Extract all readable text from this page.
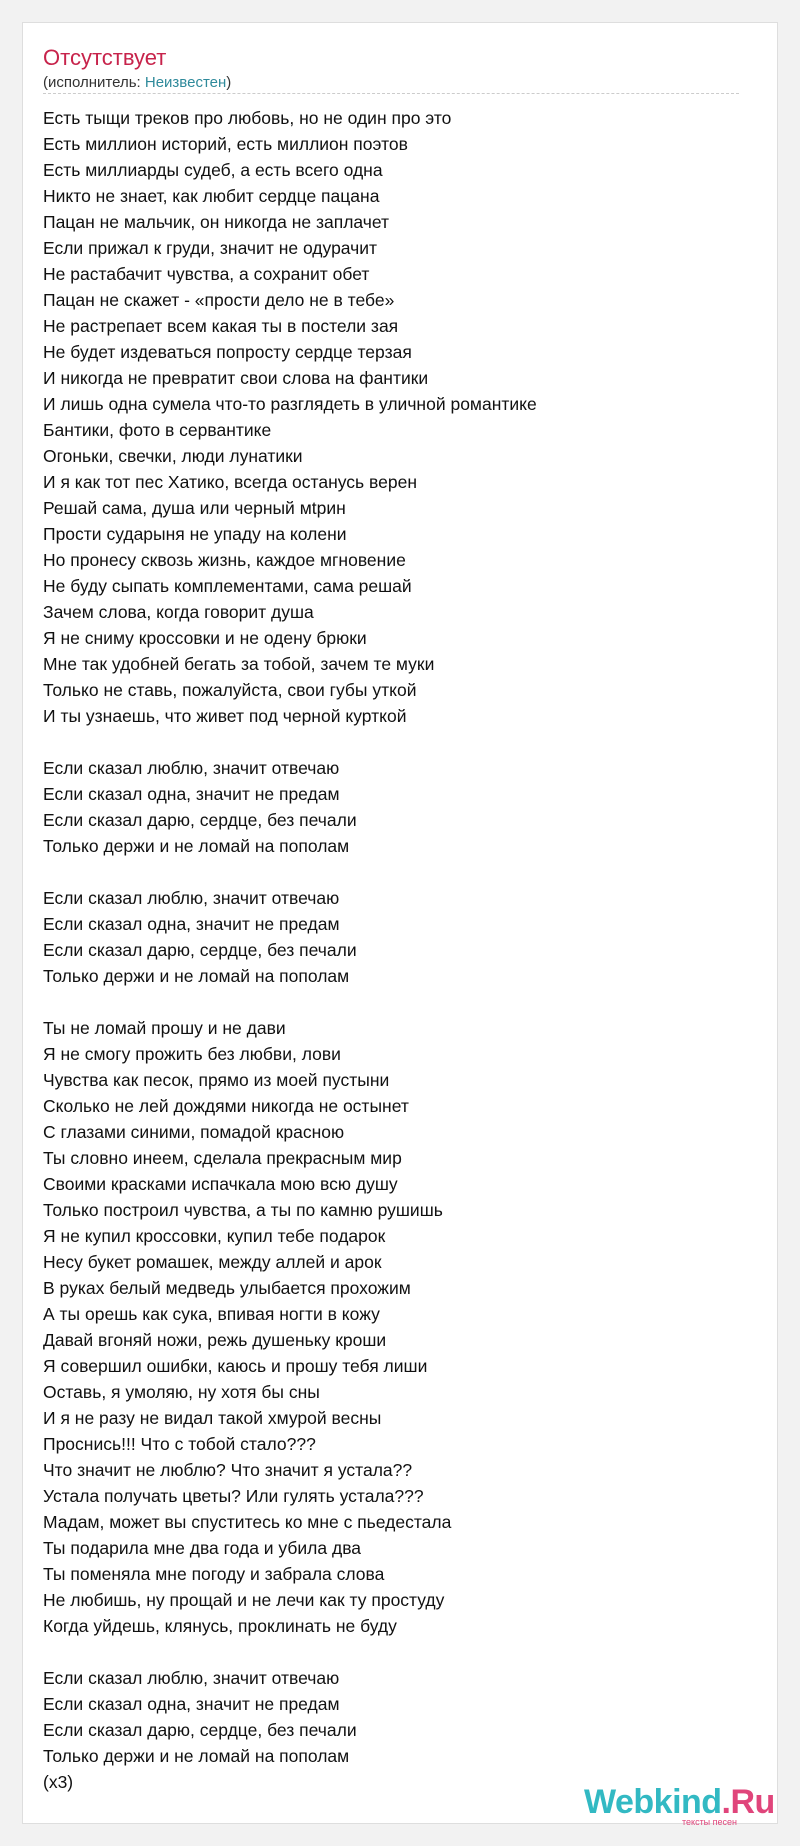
Отсутствует
(исполнитель: Неизвестен)
Есть тыщи треков про любовь, но не один про это
Есть миллион историй, есть миллион поэтов
Есть миллиарды судеб, а есть всего одна
Никто не знает, как любит сердце пацана
Пацан не мальчик, он никогда не заплачет
Если прижал к груди, значит не одурачит
Не растабачит чувства, а сохранит обет
Пацан не скажет - «прости дело не в тебе»
Не растрепает всем какая ты в постели зая
Не будет издеваться попросту сердце терзая
И никогда не превратит свои слова на фантики
И лишь одна сумела что-то разглядеть в уличной романтике
Бантики, фото в сервантике
Огоньки, свечки, люди лунатики
И я как тот пес Хатико, всегда останусь верен
Решай сама, душа или черный мtрин
Прости сударыня не упаду на колени
Но пронесу сквозь жизнь, каждое мгновение
Не буду сыпать комплементами, сама решай
Зачем слова, когда говорит душа
Я не сниму кроссовки и не одену брюки
Мне так удобней бегать за тобой, зачем те муки
Только не ставь, пожалуйста, свои губы уткой
И ты узнаешь, что живет под черной курткой
Если сказал люблю, значит отвечаю
Если сказал одна, значит не предам
Если сказал дарю, сердце, без печали
Только держи и не ломай на пополам
Если сказал люблю, значит отвечаю
Если сказал одна, значит не предам
Если сказал дарю, сердце, без печали
Только держи и не ломай на пополам
Ты не ломай прошу и не дави
Я не смогу прожить без любви, лови
Чувства как песок, прямо из моей пустыни
Сколько не лей дождями никогда не остынет
С глазами синими, помадой красною
Ты словно инеем, сделала прекрасным мир
Своими красками испачкала мою всю душу
Только построил чувства, а ты по камню рушишь
Я не купил кроссовки, купил тебе подарок
Несу букет ромашек, между аллей и арок
В руках белый медведь улыбается прохожим
А ты орешь как сука, впивая ногти в кожу
Давай вгоняй ножи, режь душеньку кроши
Я совершил ошибки, каюсь и прошу тебя лиши
Оставь, я умоляю, ну хотя бы сны
И я не разу не видал такой хмурой весны
Проснись!!! Что с тобой стало???
Что значит не люблю? Что значит я устала??
Устала получать цветы? Или гулять устала???
Мадам, может вы спуститесь ко мне с пьедестала
Ты подарила мне два года и убила два
Ты поменяла мне погоду и забрала слова
Не любишь, ну прощай и не лечи как ту простуду
Когда уйдешь, клянусь, проклинать не буду
Если сказал люблю, значит отвечаю
Если сказал одна, значит не предам
Если сказал дарю, сердце, без печали
Только держи и не ломай на пополам
(x3)
Webkind.Ru
тексты песен
